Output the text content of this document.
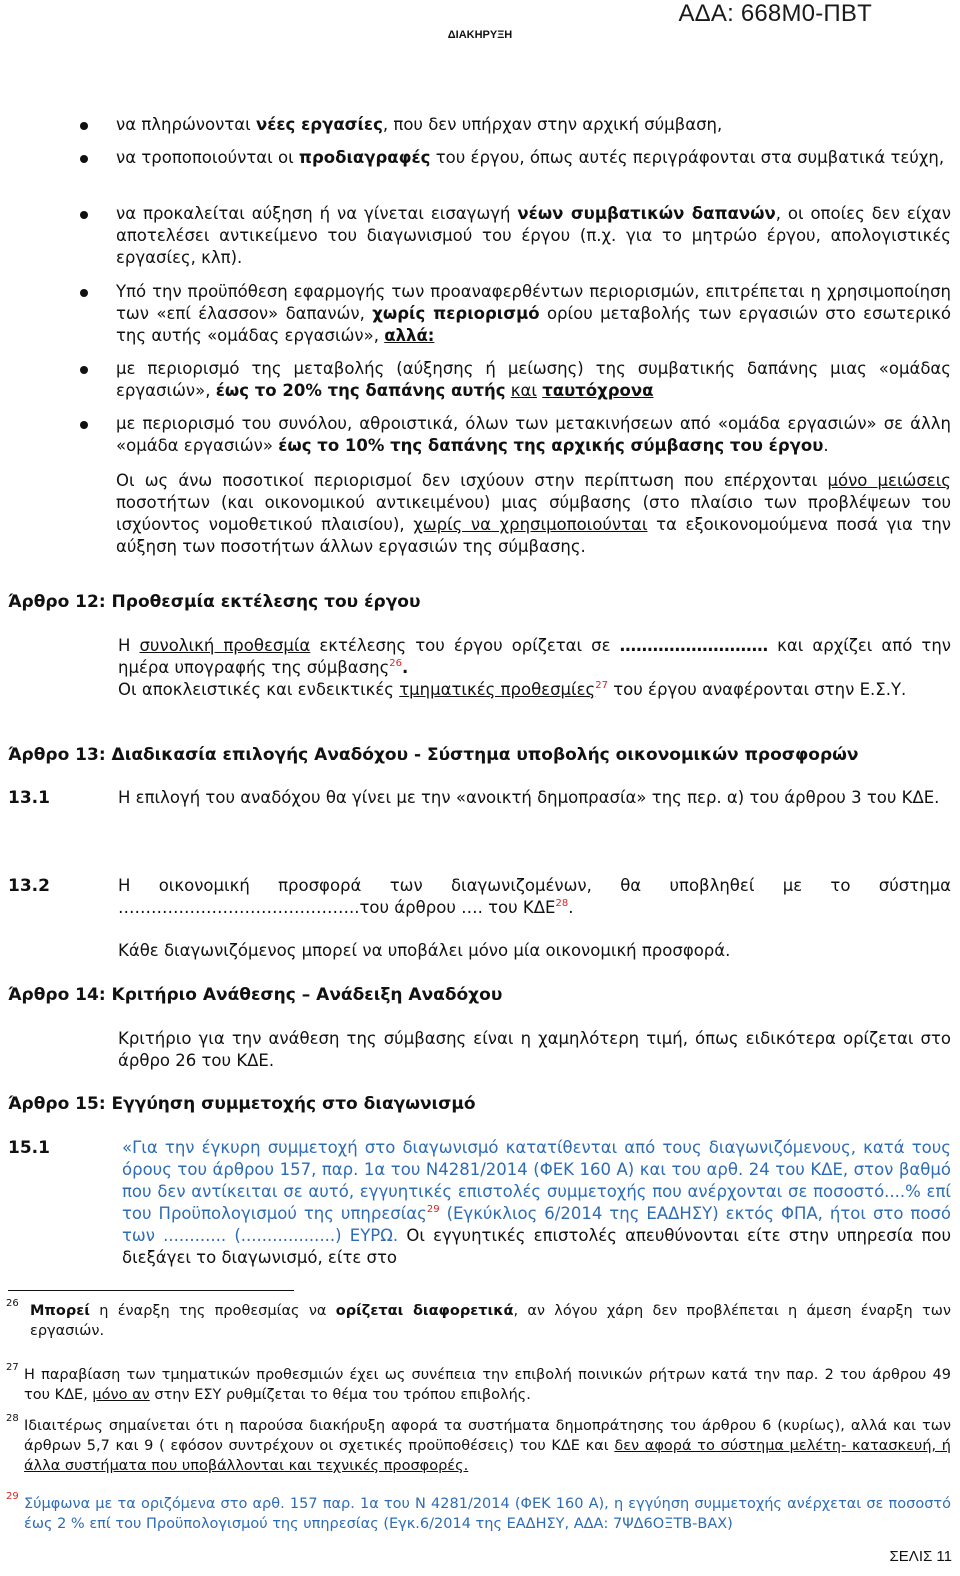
ΑΔΑ: 668Μ0-ΠΒΤ
ΔΙΑΚΗΡΥΞΗ
να πληρώνονται νέες εργασίες, που δεν υπήρχαν στην αρχική σύμβαση,
να τροποποιούνται οι προδιαγραφές του έργου, όπως αυτές περιγράφονται στα συμβατικά τεύχη,
να προκαλείται αύξηση ή να γίνεται εισαγωγή νέων συμβατικών δαπανών, οι οποίες δεν είχαν αποτελέσει αντικείμενο του διαγωνισμού του έργου (π.χ. για το μητρώο έργου, απολογιστικές εργασίες, κλπ).
Υπό την προϋπόθεση εφαρμογής των προαναφερθέντων περιορισμών, επιτρέπεται η χρησιμοποίηση των «επί έλασσον» δαπανών, χωρίς περιορισμό ορίου μεταβολής των εργασιών στο εσωτερικό της αυτής «ομάδας εργασιών», αλλά:
με περιορισμό της μεταβολής (αύξησης ή μείωσης) της συμβατικής δαπάνης μιας «ομάδας εργασιών», έως το 20% της δαπάνης αυτής και ταυτόχρονα
με περιορισμό του συνόλου, αθροιστικά, όλων των μετακινήσεων από «ομάδα εργασιών» σε άλλη «ομάδα εργασιών» έως το 10% της δαπάνης της αρχικής σύμβασης του έργου.
Οι ως άνω ποσοτικοί περιορισμοί δεν ισχύουν στην περίπτωση που επέρχονται μόνο μειώσεις ποσοτήτων (και οικονομικού αντικειμένου) μιας σύμβασης (στο πλαίσιο των προβλέψεων του ισχύοντος νομοθετικού πλαισίου), χωρίς να χρησιμοποιούνται τα εξοικονομούμενα ποσά για την αύξηση των ποσοτήτων άλλων εργασιών της σύμβασης.
Άρθρο 12: Προθεσμία εκτέλεσης του έργου
Η συνολική προθεσμία εκτέλεσης του έργου ορίζεται σε ……………………… και αρχίζει από την ημέρα υπογραφής της σύμβασης$^{26}$.
Οι αποκλειστικές και ενδεικτικές τμηματικές προθεσμίες$^{27}$ του έργου αναφέρονται στην Ε.Σ.Υ.
Άρθρο 13: Διαδικασία επιλογής Αναδόχου - Σύστημα υποβολής οικονομικών προσφορών
13.1	Η επιλογή του αναδόχου θα γίνει με την «ανοικτή δημοπρασία» της περ. α) του άρθρου 3 του ΚΔΕ.
13.2	Η οικονομική προσφορά των διαγωνιζομένων, θα υποβληθεί με το σύστημα ……………………………………..του άρθρου …. του ΚΔΕ$^{28}$.
Κάθε διαγωνιζόμενος μπορεί να υποβάλει μόνο μία οικονομική προσφορά.
Άρθρο 14: Κριτήριο Ανάθεσης – Ανάδειξη Αναδόχου
Κριτήριο για την ανάθεση της σύμβασης είναι η χαμηλότερη τιμή, όπως ειδικότερα ορίζεται στο άρθρο 26 του ΚΔΕ.
Άρθρο 15: Εγγύηση συμμετοχής στο διαγωνισμό
15.1	«Για την έγκυρη συμμετοχή στο διαγωνισμό κατατίθενται από τους διαγωνιζόμενους, κατά τους όρους του άρθρου 157, παρ. 1α του Ν4281/2014 (ΦΕΚ 160 Α) και του αρθ. 24 του ΚΔΕ, στον βαθμό που δεν αντίκειται σε αυτό, εγγυητικές επιστολές συμμετοχής που ανέρχονται σε ποσοστό....% επί του Προϋπολογισμού της υπηρεσίας$^{29}$ (Εγκύκλιος 6/2014 της ΕΑΔΗΣΥ) εκτός ΦΠΑ, ήτοι στο ποσό των ............ (..................) ΕΥΡΩ. Οι εγγυητικές επιστολές απευθύνονται είτε στην υπηρεσία που διεξάγει το διαγωνισμό, είτε στο
26 Μπορεί η έναρξη της προθεσμίας να ορίζεται διαφορετικά, αν λόγου χάρη δεν προβλέπεται η άμεση έναρξη των εργασιών.
27 Η παραβίαση των τμηματικών προθεσμιών έχει ως συνέπεια την επιβολή ποινικών ρήτρων κατά την παρ. 2 του άρθρου 49 του ΚΔΕ, μόνο αν στην ΕΣΥ ρυθμίζεται το θέμα του τρόπου επιβολής.
28 Ιδιαιτέρως σημαίνεται ότι η παρούσα διακήρυξη αφορά τα συστήματα δημοπράτησης του άρθρου 6 (κυρίως), αλλά και των άρθρων 5,7 και 9 ( εφόσον συντρέχουν οι σχετικές προϋποθέσεις) του ΚΔΕ και δεν αφορά το σύστημα μελέτη- κατασκευή, ή άλλα συστήματα που υποβάλλονται και τεχνικές προσφορές.
29 Σύμφωνα με τα οριζόμενα στο αρθ. 157 παρ. 1α του Ν 4281/2014 (ΦΕΚ 160 Α), η εγγύηση συμμετοχής ανέρχεται σε ποσοστό έως 2 % επί του Προϋπολογισμού της υπηρεσίας (Εγκ.6/2014 της ΕΑΔΗΣΥ, ΑΔΑ: 7ΨΔ6ΟΞΤΒ-ΒΑΧ)
ΣΕΛΙΣ 11
